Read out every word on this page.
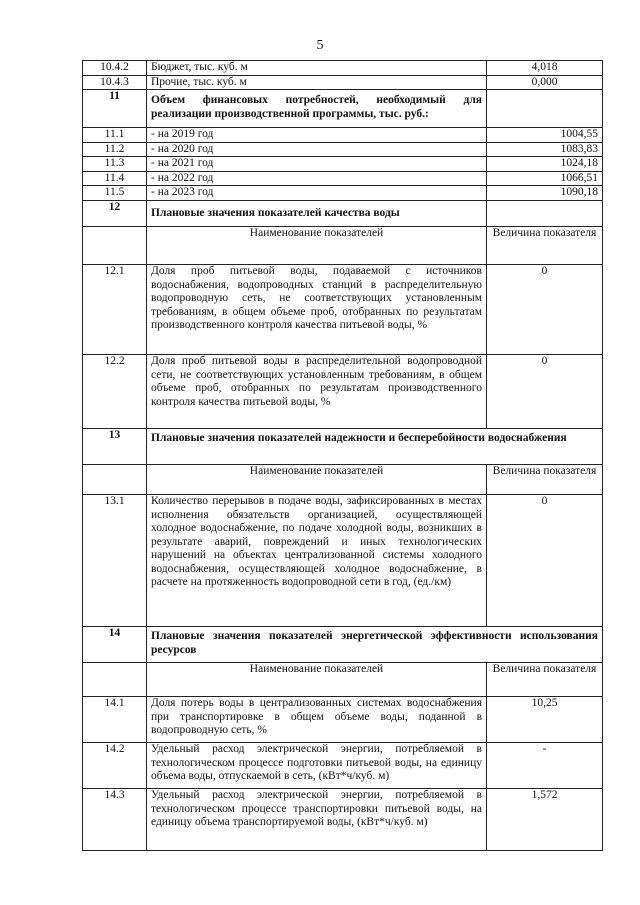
5
10.4.2	Бюджет, тыс. куб. м	4,018
10.4.3	Прочие, тыс. куб. м	0,000
11	Объем финансовых потребностей, необходимый для реализации производственной программы, тыс. руб.:	
11.1	- на 2019 год	1004,55
11.2	- на 2020 год	1083,83
11.3	- на 2021 год	1024,18
11.4	- на 2022 год	1066,51
11.5	- на 2023 год	1090,18
12	Плановые значения показателей качества воды	
	Наименование показателей	Величина показателя
12.1	Доля проб питьевой воды, подаваемой с источников водоснабжения, водопроводных станций в распределительную водопроводную сеть, не соответствующих установленным требованиям, в общем объеме проб, отобранных по результатам производственного контроля качества питьевой воды, %	0
12.2	Доля проб питьевой воды в распределительной водопроводной сети, не соответствующих установленным требованиям, в общем объеме проб, отобранных по результатам производственного контроля качества питьевой воды, %	0
13	Плановые значения показателей надежности и бесперебойности водоснабжения	
	Наименование показателей	Величина показателя
13.1	Количество перерывов в подаче воды, зафиксированных в местах исполнения обязательств организацией, осуществляющей холодное водоснабжение, по подаче холодной воды, возникших в результате аварий, повреждений и иных технологических нарушений на объектах централизованной системы холодного водоснабжения, осуществляющей холодное водоснабжение, в расчете на протяженность водопроводной сети в год, (ед./км)	0
14	Плановые значения показателей энергетической эффективности использования ресурсов	
	Наименование показателей	Величина показателя
14.1	Доля потерь воды в централизованных системах водоснабжения при транспортировке в общем объеме воды, поданной в водопроводную сеть, %	10,25
14.2	Удельный расход электрической энергии, потребляемой в технологическом процессе подготовки питьевой воды, на единицу объема воды, отпускаемой в сеть, (кВт*ч/куб. м)	-
14.3	Удельный расход электрической энергии, потребляемой в технологическом процессе транспортировки питьевой воды, на единицу объема транспортируемой воды, (кВт*ч/куб. м)	1,572
